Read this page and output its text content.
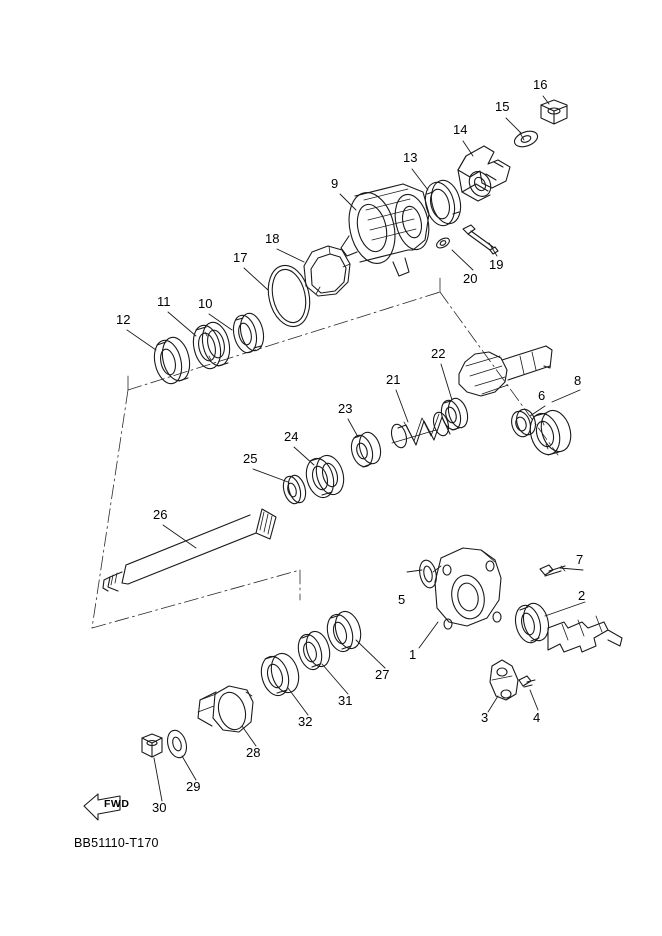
1
2
3	4
5
6
7
8
9
10
11
12
13
14
15
16
17
18
19
20
21
22
23
24
25
26
27
28
29
30
31
32
FWD
BB51110-T170
